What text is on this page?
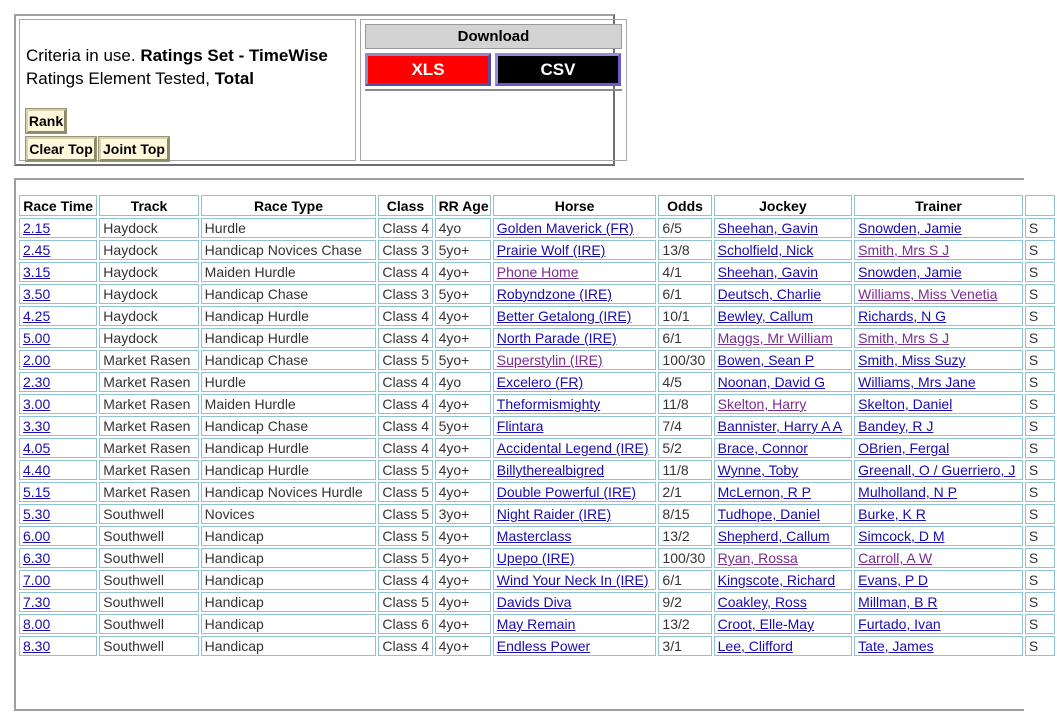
Criteria in use. Ratings Set - TimeWise
Ratings Element Tested, Total
Rank
Clear Top Joint Top
Download
XLS	CSV
Race Time	Track	Race Type	Class	RR Age	Horse	Odds	Jockey	Trainer	
2.15	Haydock	Hurdle	Class 4	4yo	Golden Maverick (FR)	6/5	Sheehan, Gavin	Snowden, Jamie	S
2.45	Haydock	Handicap Novices Chase	Class 3	5yo+	Prairie Wolf (IRE)	13/8	Scholfield, Nick	Smith, Mrs S J	S
3.15	Haydock	Maiden Hurdle	Class 4	4yo+	Phone Home	4/1	Sheehan, Gavin	Snowden, Jamie	S
3.50	Haydock	Handicap Chase	Class 3	5yo+	Robyndzone (IRE)	6/1	Deutsch, Charlie	Williams, Miss Venetia	S
4.25	Haydock	Handicap Hurdle	Class 4	4yo+	Better Getalong (IRE)	10/1	Bewley, Callum	Richards, N G	S
5.00	Haydock	Handicap Hurdle	Class 4	4yo+	North Parade (IRE)	6/1	Maggs, Mr William	Smith, Mrs S J	S
2.00	Market Rasen	Handicap Chase	Class 5	5yo+	Superstylin (IRE)	100/30	Bowen, Sean P	Smith, Miss Suzy	S
2.30	Market Rasen	Hurdle	Class 4	4yo	Excelero (FR)	4/5	Noonan, David G	Williams, Mrs Jane	S
3.00	Market Rasen	Maiden Hurdle	Class 4	4yo+	Theformismighty	11/8	Skelton, Harry	Skelton, Daniel	S
3.30	Market Rasen	Handicap Chase	Class 4	5yo+	Flintara	7/4	Bannister, Harry A A	Bandey, R J	S
4.05	Market Rasen	Handicap Hurdle	Class 4	4yo+	Accidental Legend (IRE)	5/2	Brace, Connor	OBrien, Fergal	S
4.40	Market Rasen	Handicap Hurdle	Class 5	4yo+	Billytherealbigred	11/8	Wynne, Toby	Greenall, O / Guerriero, J	S
5.15	Market Rasen	Handicap Novices Hurdle	Class 5	4yo+	Double Powerful (IRE)	2/1	McLernon, R P	Mulholland, N P	S
5.30	Southwell	Novices	Class 5	3yo+	Night Raider (IRE)	8/15	Tudhope, Daniel	Burke, K R	S
6.00	Southwell	Handicap	Class 5	4yo+	Masterclass	13/2	Shepherd, Callum	Simcock, D M	S
6.30	Southwell	Handicap	Class 5	4yo+	Upepo (IRE)	100/30	Ryan, Rossa	Carroll, A W	S
7.00	Southwell	Handicap	Class 4	4yo+	Wind Your Neck In (IRE)	6/1	Kingscote, Richard	Evans, P D	S
7.30	Southwell	Handicap	Class 5	4yo+	Davids Diva	9/2	Coakley, Ross	Millman, B R	S
8.00	Southwell	Handicap	Class 6	4yo+	May Remain	13/2	Croot, Elle-May	Furtado, Ivan	S
8.30	Southwell	Handicap	Class 4	4yo+	Endless Power	3/1	Lee, Clifford	Tate, James	S
